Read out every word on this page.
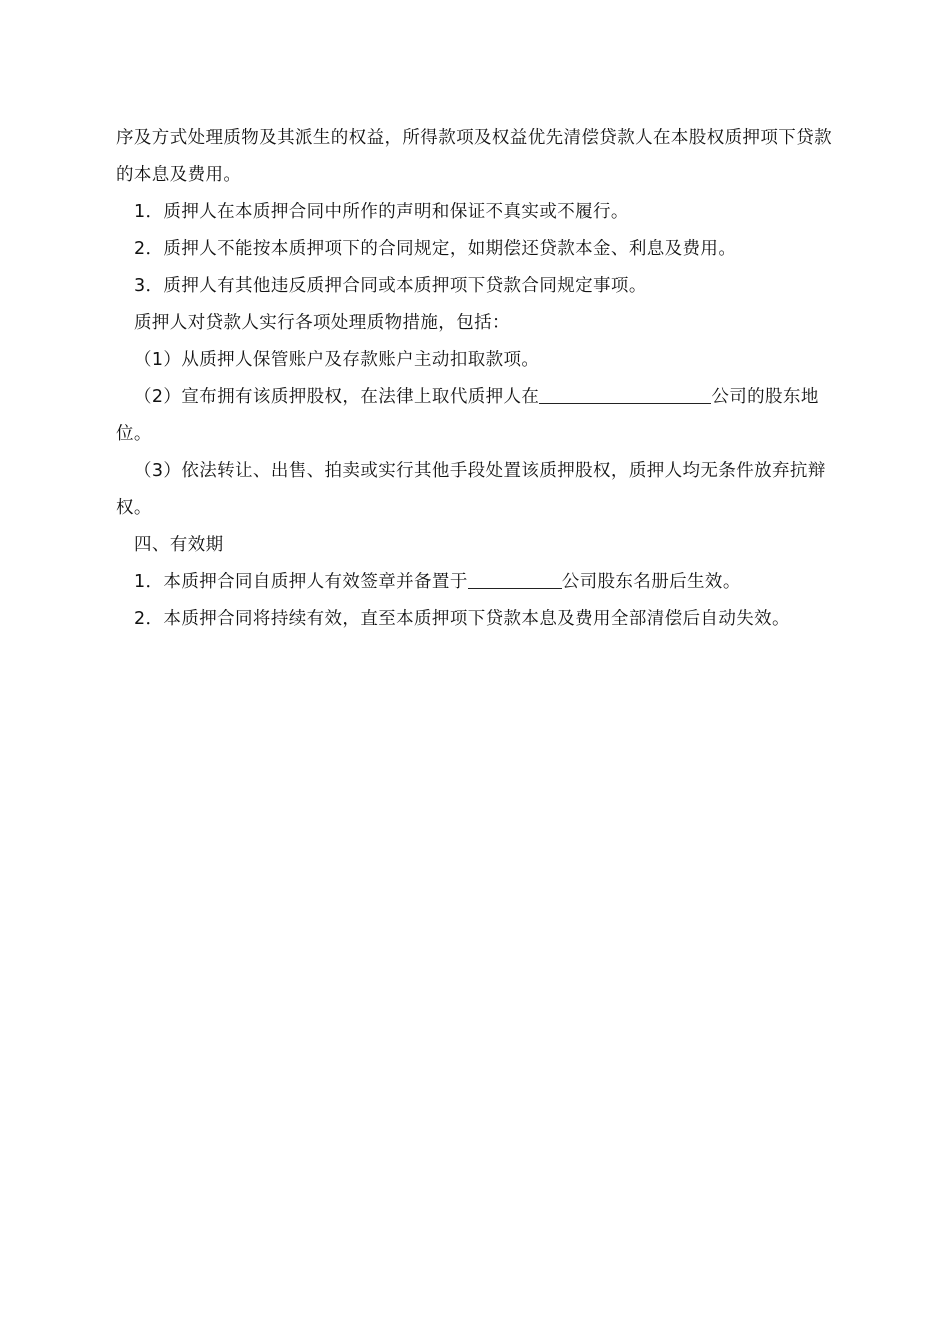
序及方式处理质物及其派生的权益，所得款项及权益优先清偿贷款人在本股权质押项下贷款的本息及费用。

1．质押人在本质押合同中所作的声明和保证不真实或不履行。

2．质押人不能按本质押项下的合同规定，如期偿还贷款本金、利息及费用。

3．质押人有其他违反质押合同或本质押项下贷款合同规定事项。

质押人对贷款人实行各项处理质物措施，包括：

（1）从质押人保管账户及存款账户主动扣取款项。

（2）宣布拥有该质押股权，在法律上取代质押人在	公司的股东地位。

（3）依法转让、出售、拍卖或实行其他手段处置该质押股权，质押人均无条件放弃抗辩权。

四、有效期

1．本质押合同自质押人有效签章并备置于	公司股东名册后生效。

2．本质押合同将持续有效，直至本质押项下贷款本息及费用全部清偿后自动失效。
